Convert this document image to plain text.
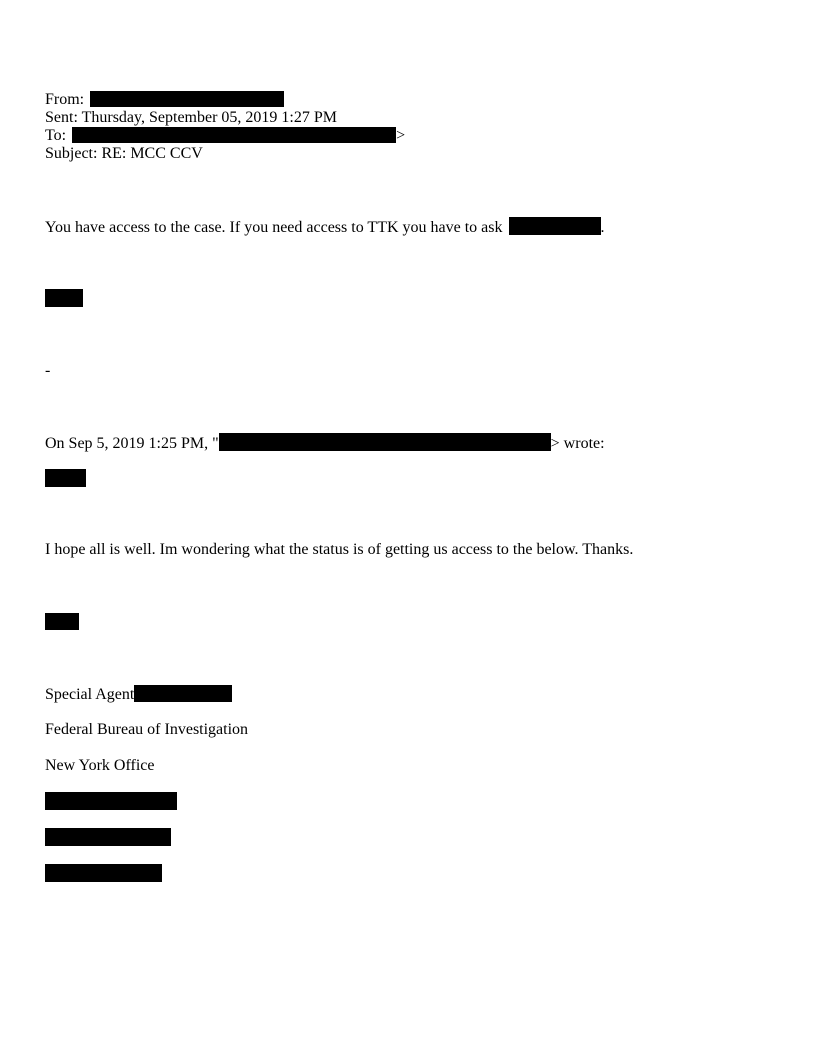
From:
Sent: Thursday, September 05, 2019 1:27 PM
To:	>
Subject: RE: MCC CCV
You have access to the case. If you need access to TTK you have to ask	.
-
On Sep 5, 2019 1:25 PM, "	> wrote:
I hope all is well. Im wondering what the status is of getting us access to the below. Thanks.
Special Agent
Federal Bureau of Investigation
New York Office
